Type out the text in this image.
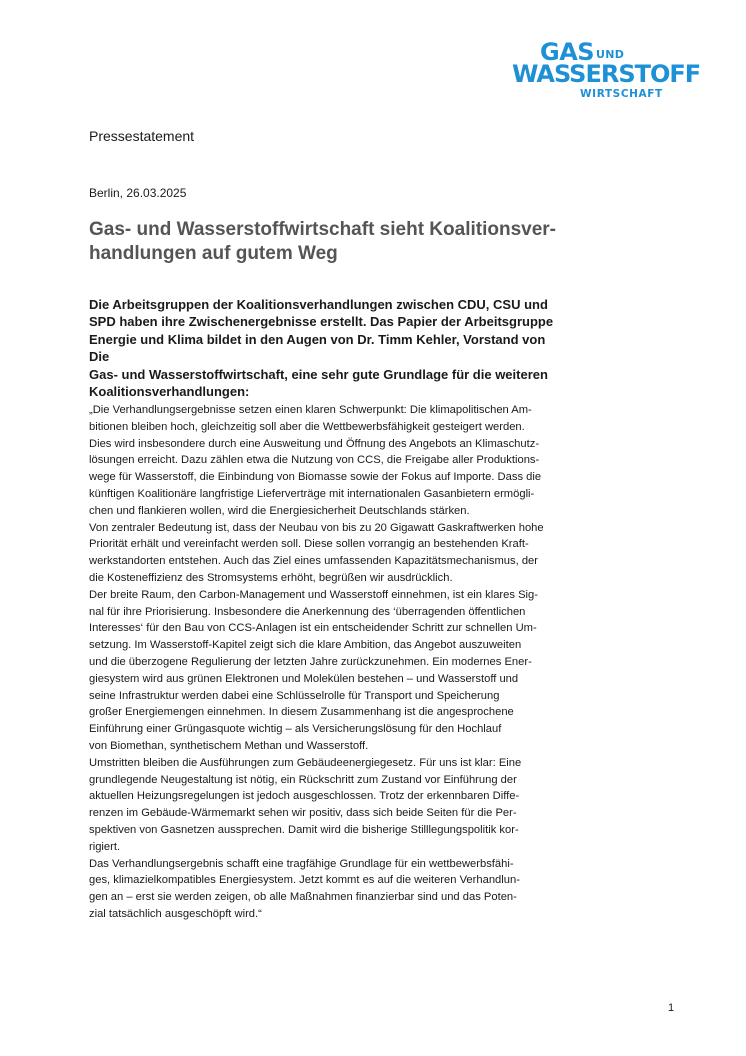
GAS UND
WASSERSTOFF
WIRTSCHAFT

Pressestatement

Berlin, 26.03.2025

Gas- und Wasserstoffwirtschaft sieht Koalitionsver-
handlungen auf gutem Weg

Die Arbeitsgruppen der Koalitionsverhandlungen zwischen CDU, CSU und
SPD haben ihre Zwischenergebnisse erstellt. Das Papier der Arbeitsgruppe
Energie und Klima bildet in den Augen von Dr. Timm Kehler, Vorstand von Die
Gas- und Wasserstoffwirtschaft, eine sehr gute Grundlage für die weiteren
Koalitionsverhandlungen:

„Die Verhandlungsergebnisse setzen einen klaren Schwerpunkt: Die klimapolitischen Am-

bitionen bleiben hoch, gleichzeitig soll aber die Wettbewerbsfähigkeit gesteigert werden.

Dies wird insbesondere durch eine Ausweitung und Öffnung des Angebots an Klimaschutz-

lösungen erreicht. Dazu zählen etwa die Nutzung von CCS, die Freigabe aller Produktions-

wege für Wasserstoff, die Einbindung von Biomasse sowie der Fokus auf Importe. Dass die

künftigen Koalitionäre langfristige Lieferverträge mit internationalen Gasanbietern ermögli-

chen und flankieren wollen, wird die Energiesicherheit Deutschlands stärken.

Von zentraler Bedeutung ist, dass der Neubau von bis zu 20 Gigawatt Gaskraftwerken hohe

Priorität erhält und vereinfacht werden soll. Diese sollen vorrangig an bestehenden Kraft-

werkstandorten entstehen. Auch das Ziel eines umfassenden Kapazitätsmechanismus, der

die Kosteneffizienz des Stromsystems erhöht, begrüßen wir ausdrücklich.

Der breite Raum, den Carbon-Management und Wasserstoff einnehmen, ist ein klares Sig-

nal für ihre Priorisierung. Insbesondere die Anerkennung des ‘überragenden öffentlichen

Interesses‘ für den Bau von CCS-Anlagen ist ein entscheidender Schritt zur schnellen Um-

setzung. Im Wasserstoff-Kapitel zeigt sich die klare Ambition, das Angebot auszuweiten

und die überzogene Regulierung der letzten Jahre zurückzunehmen. Ein modernes Ener-

giesystem wird aus grünen Elektronen und Molekülen bestehen – und Wasserstoff und

seine Infrastruktur werden dabei eine Schlüsselrolle für Transport und Speicherung

großer Energiemengen einnehmen. In diesem Zusammenhang ist die angesprochene

Einführung einer Grüngasquote wichtig – als Versicherungslösung für den Hochlauf

von Biomethan, synthetischem Methan und Wasserstoff.

Umstritten bleiben die Ausführungen zum Gebäudeenergiegesetz. Für uns ist klar: Eine

grundlegende Neugestaltung ist nötig, ein Rückschritt zum Zustand vor Einführung der

aktuellen Heizungsregelungen ist jedoch ausgeschlossen. Trotz der erkennbaren Diffe-

renzen im Gebäude-Wärmemarkt sehen wir positiv, dass sich beide Seiten für die Per-

spektiven von Gasnetzen aussprechen. Damit wird die bisherige Stilllegungspolitik kor-

rigiert.

Das Verhandlungsergebnis schafft eine tragfähige Grundlage für ein wettbewerbsfähi-

ges, klimazielkompatibles Energiesystem. Jetzt kommt es auf die weiteren Verhandlun-

gen an – erst sie werden zeigen, ob alle Maßnahmen finanzierbar sind und das Poten-

zial tatsächlich ausgeschöpft wird.“

1
